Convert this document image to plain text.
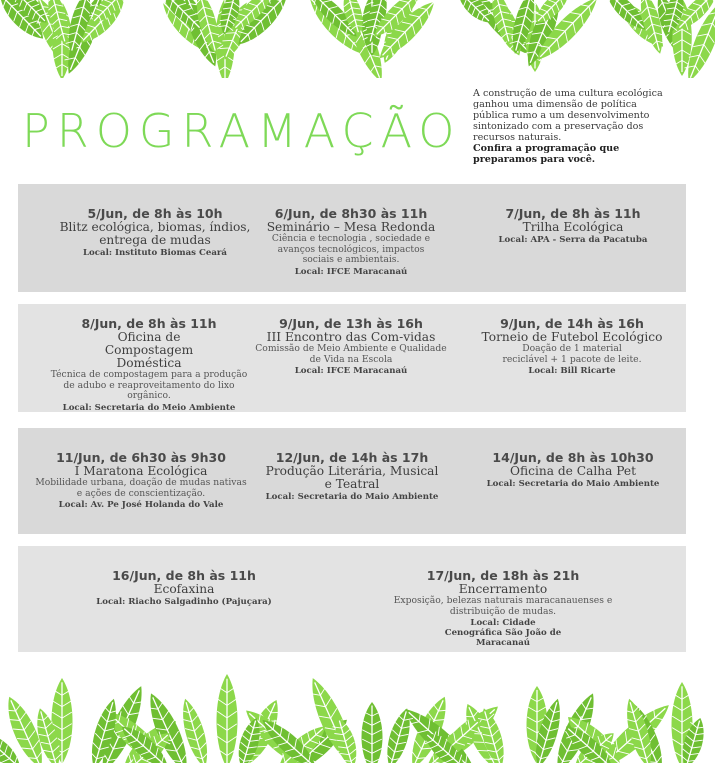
PROGRAMAÇÃO
A construção de uma cultura ecológica ganhou uma dimensão de política pública rumo a um desenvolvimento sintonizado com a preservação dos recursos naturais.
Confira a programação que preparamos para você.
5/Jun, de 8h às 10h
Blitz ecológica, biomas, índios, entrega de mudas
Local: Instituto Biomas Ceará
6/Jun, de 8h30 às 11h
Seminário – Mesa Redonda
Ciência e tecnologia , sociedade e avanços tecnológicos, impactos sociais e ambientais.
Local: IFCE Maracanaú
7/Jun, de 8h às 11h
Trilha Ecológica
Local: APA - Serra da Pacatuba
8/Jun, de 8h às 11h
Oficina de Compostagem Doméstica
Técnica de compostagem para a produção de adubo e reaproveitamento do lixo orgânico.
Local: Secretaria do Meio Ambiente
9/Jun, de 13h às 16h
III Encontro das Com-vidas
Comissão de Meio Ambiente e Qualidade de Vida na Escola
Local: IFCE Maracanaú
9/Jun, de 14h às 16h
Torneio de Futebol Ecológico
Doação de 1 material reciclável + 1 pacote de leite.
Local: Bill Ricarte
11/Jun, de 6h30 às 9h30
I Maratona Ecológica
Mobilidade urbana, doação de mudas nativas e ações de conscientização.
Local: Av. Pe José Holanda do Vale
12/Jun, de 14h às 17h
Produção Literária, Musical e Teatral
Local: Secretaria do Maio Ambiente
14/Jun, de 8h às 10h30
Oficina de Calha Pet
Local: Secretaria do Maio Ambiente
16/Jun, de 8h às 11h
Ecofaxina
Local: Riacho Salgadinho (Pajuçara)
17/Jun, de 18h às 21h
Encerramento
Exposição, belezas naturais maracanauenses e distribuição de mudas.
Local: Cidade Cenográfica São João de Maracanaú
